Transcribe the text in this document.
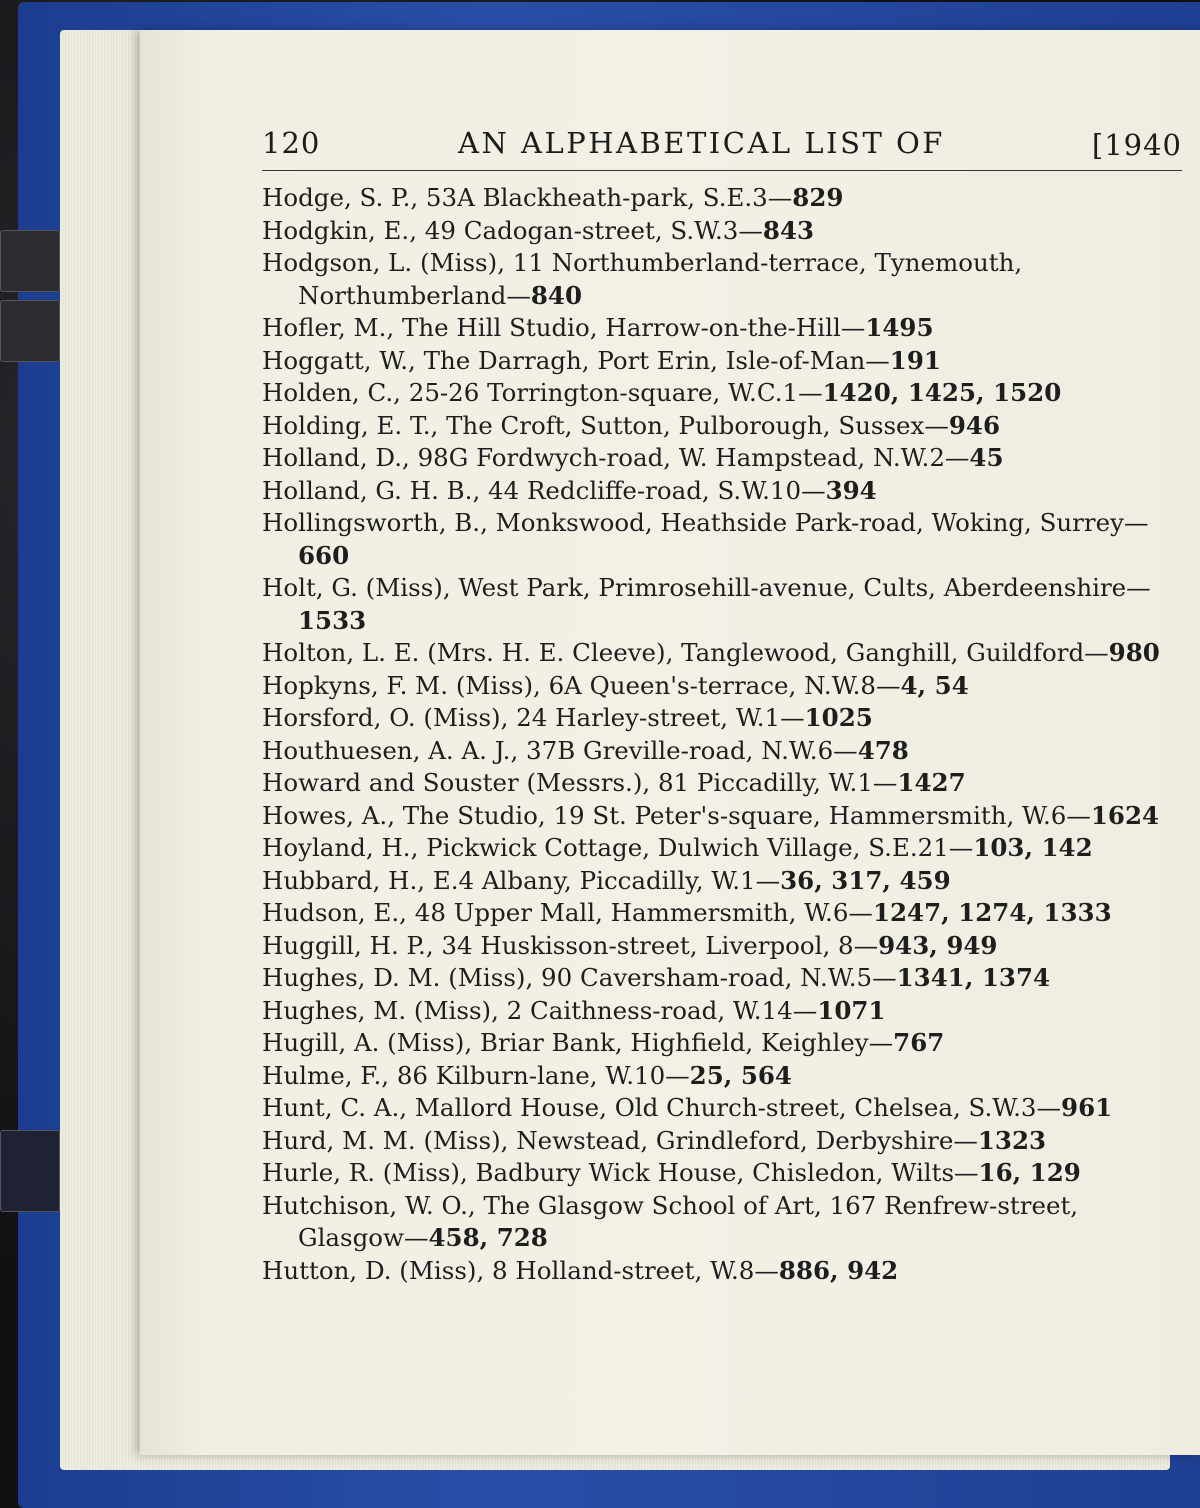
120	AN ALPHABETICAL LIST OF	[1940
Hodge, S. P., 53A Blackheath-park, S.E.3—829
Hodgkin, E., 49 Cadogan-street, S.W.3—843
Hodgson, L. (Miss), 11 Northumberland-terrace, Tynemouth, Northumberland—840
Hofler, M., The Hill Studio, Harrow-on-the-Hill—1495
Hoggatt, W., The Darragh, Port Erin, Isle-of-Man—191
Holden, C., 25-26 Torrington-square, W.C.1—1420, 1425, 1520
Holding, E. T., The Croft, Sutton, Pulborough, Sussex—946
Holland, D., 98G Fordwych-road, W. Hampstead, N.W.2—45
Holland, G. H. B., 44 Redcliffe-road, S.W.10—394
Hollingsworth, B., Monkswood, Heathside Park-road, Woking, Surrey—660
Holt, G. (Miss), West Park, Primrosehill-avenue, Cults, Aberdeenshire—1533
Holton, L. E. (Mrs. H. E. Cleeve), Tanglewood, Ganghill, Guildford—980
Hopkyns, F. M. (Miss), 6A Queen's-terrace, N.W.8—4, 54
Horsford, O. (Miss), 24 Harley-street, W.1—1025
Houthuesen, A. A. J., 37B Greville-road, N.W.6—478
Howard and Souster (Messrs.), 81 Piccadilly, W.1—1427
Howes, A., The Studio, 19 St. Peter's-square, Hammersmith, W.6—1624
Hoyland, H., Pickwick Cottage, Dulwich Village, S.E.21—103, 142
Hubbard, H., E.4 Albany, Piccadilly, W.1—36, 317, 459
Hudson, E., 48 Upper Mall, Hammersmith, W.6—1247, 1274, 1333
Huggill, H. P., 34 Huskisson-street, Liverpool, 8—943, 949
Hughes, D. M. (Miss), 90 Caversham-road, N.W.5—1341, 1374
Hughes, M. (Miss), 2 Caithness-road, W.14—1071
Hugill, A. (Miss), Briar Bank, Highfield, Keighley—767
Hulme, F., 86 Kilburn-lane, W.10—25, 564
Hunt, C. A., Mallord House, Old Church-street, Chelsea, S.W.3—961
Hurd, M. M. (Miss), Newstead, Grindleford, Derbyshire—1323
Hurle, R. (Miss), Badbury Wick House, Chisledon, Wilts—16, 129
Hutchison, W. O., The Glasgow School of Art, 167 Renfrew-street, Glasgow—458, 728
Hutton, D. (Miss), 8 Holland-street, W.8—886, 942
